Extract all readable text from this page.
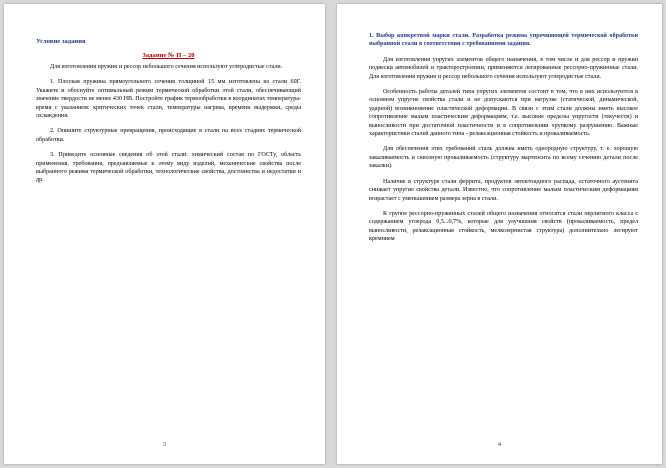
Условие задания
Задание № П – 20

Для изготовления пружин и рессор небольшого сечения используют углеродистые стали.

1. Плоская пружина прямоугольного сечения толщиной 15 мм изготовлена из стали 60Г. Укажите и обоснуйте оптимальный режим термической обработки этой стали, обеспечивающий значение твердости не менее 430 НВ. Постройте график термообработки в координатах температура-время с указанием: критических точек стали, температуры нагрева, времени выдержки, среды охлаждения.

2. Опишите структурные превращения, происходящие в стали на всех стадиях термической обработки.

3. Приведите основные сведения об этой стали: химический состав по ГОСТу, область применения, требования, предъявляемые к этому виду изделий, механические свойства после выбранного режима термической обработки, технологические свойства, достоинства и недостатки и др.

3

1. Выбор конкретной марки стали. Разработка режима упрочняющей термической обработки выбранной стали в соответствии с требованиями задания.

Для изготовления упругих элементов общего назначения, в том числе и для рессор и пружин подвески автомобилей и тракторостроении, применяются легированные рессорно-пружинные стали. Для изготовления пружин и рессор небольшого сечения используют углеродистые стали.

Особенность работы деталей типа упругих элементов состоит в том, что в них используются в основном упругие свойства стали и не допускаются при нагрузке (статической, динамической, ударной) возникновение пластической деформации. В связи с этим стали должны иметь высокое сопротивление малым пластическим деформациям, т.е. высокие пределы упругости (текучести) и выносливости при достаточной пластичности и в сопротивлении хрупкому разрушению. Важные характеристики сталей данного типа - релаксационная стойкость и прокаливаемость.

Для обеспечения этих требований сталь должна иметь однородную структуру, т. е. хорошую закаливаемость и сквозную прокаливаемость (структуру мартенсита по всему сечению детали после закалки).

Наличие в структуре стали феррита, продуктов эвтектоидного распада, остаточного аустенита снижает упругие свойства детали. Известно, что сопротивление малым пластическим деформациям возрастает с уменьшением размера зерна в стали.

К группе рессорно-пружинных сталей общего назначения относятся стали перлитного класса с содержанием углерода 0,5...0,7%, которые для улучшения свойств (прокаливаемость, предел выносливости, релаксационная стойкость, мелкозернистая структура) дополнительно легируют кремнием

4
